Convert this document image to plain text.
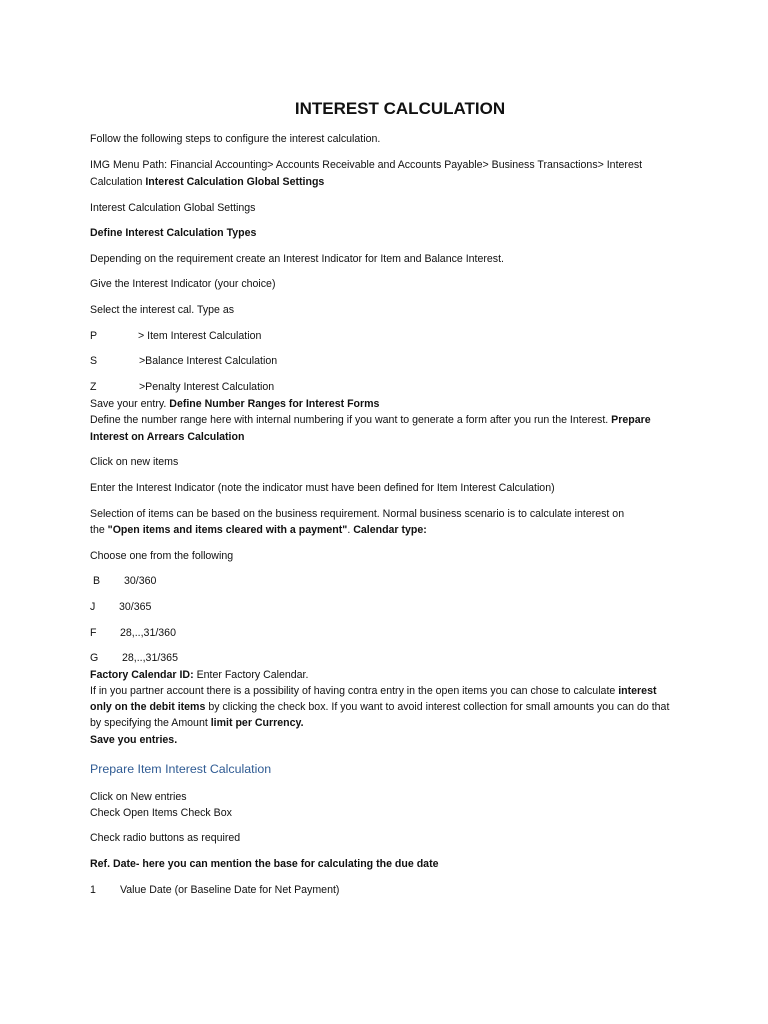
INTEREST CALCULATION
Follow the following steps to configure the interest calculation.
IMG Menu Path: Financial Accounting> Accounts Receivable and Accounts Payable> Business Transactions> Interest
Calculation Interest Calculation Global Settings
Interest Calculation Global Settings
Define Interest Calculation Types
Depending on the requirement create an Interest Indicator for Item and Balance Interest.
Give the Interest Indicator (your choice)
Select the interest cal. Type as
P	> Item Interest Calculation
S	>Balance Interest Calculation
Z	>Penalty Interest Calculation
Save your entry. Define Number Ranges for Interest Forms
Define the number range here with internal numbering if you want to generate a form after you run the Interest. Prepare
Interest on Arrears Calculation
Click on new items
Enter the Interest Indicator (note the indicator must have been defined for Item Interest Calculation)
Selection of items can be based on the business requirement. Normal business scenario is to calculate interest on
the "Open items and items cleared with a payment". Calendar type:
Choose one from the following
B 30/360
J 30/365
F 28,..,31/360
G 28,..,31/365
Factory Calendar ID: Enter Factory Calendar.
If in you partner account there is a possibility of having contra entry in the open items you can chose to calculate interest
only on the debit items by clicking the check box. If you want to avoid interest collection for small amounts you can do that
by specifying the Amount limit per Currency.
Save you entries.
Prepare Item Interest Calculation
Click on New entries
Check Open Items Check Box
Check radio buttons as required
Ref. Date- here you can mention the base for calculating the due date
1 Value Date (or Baseline Date for Net Payment)
